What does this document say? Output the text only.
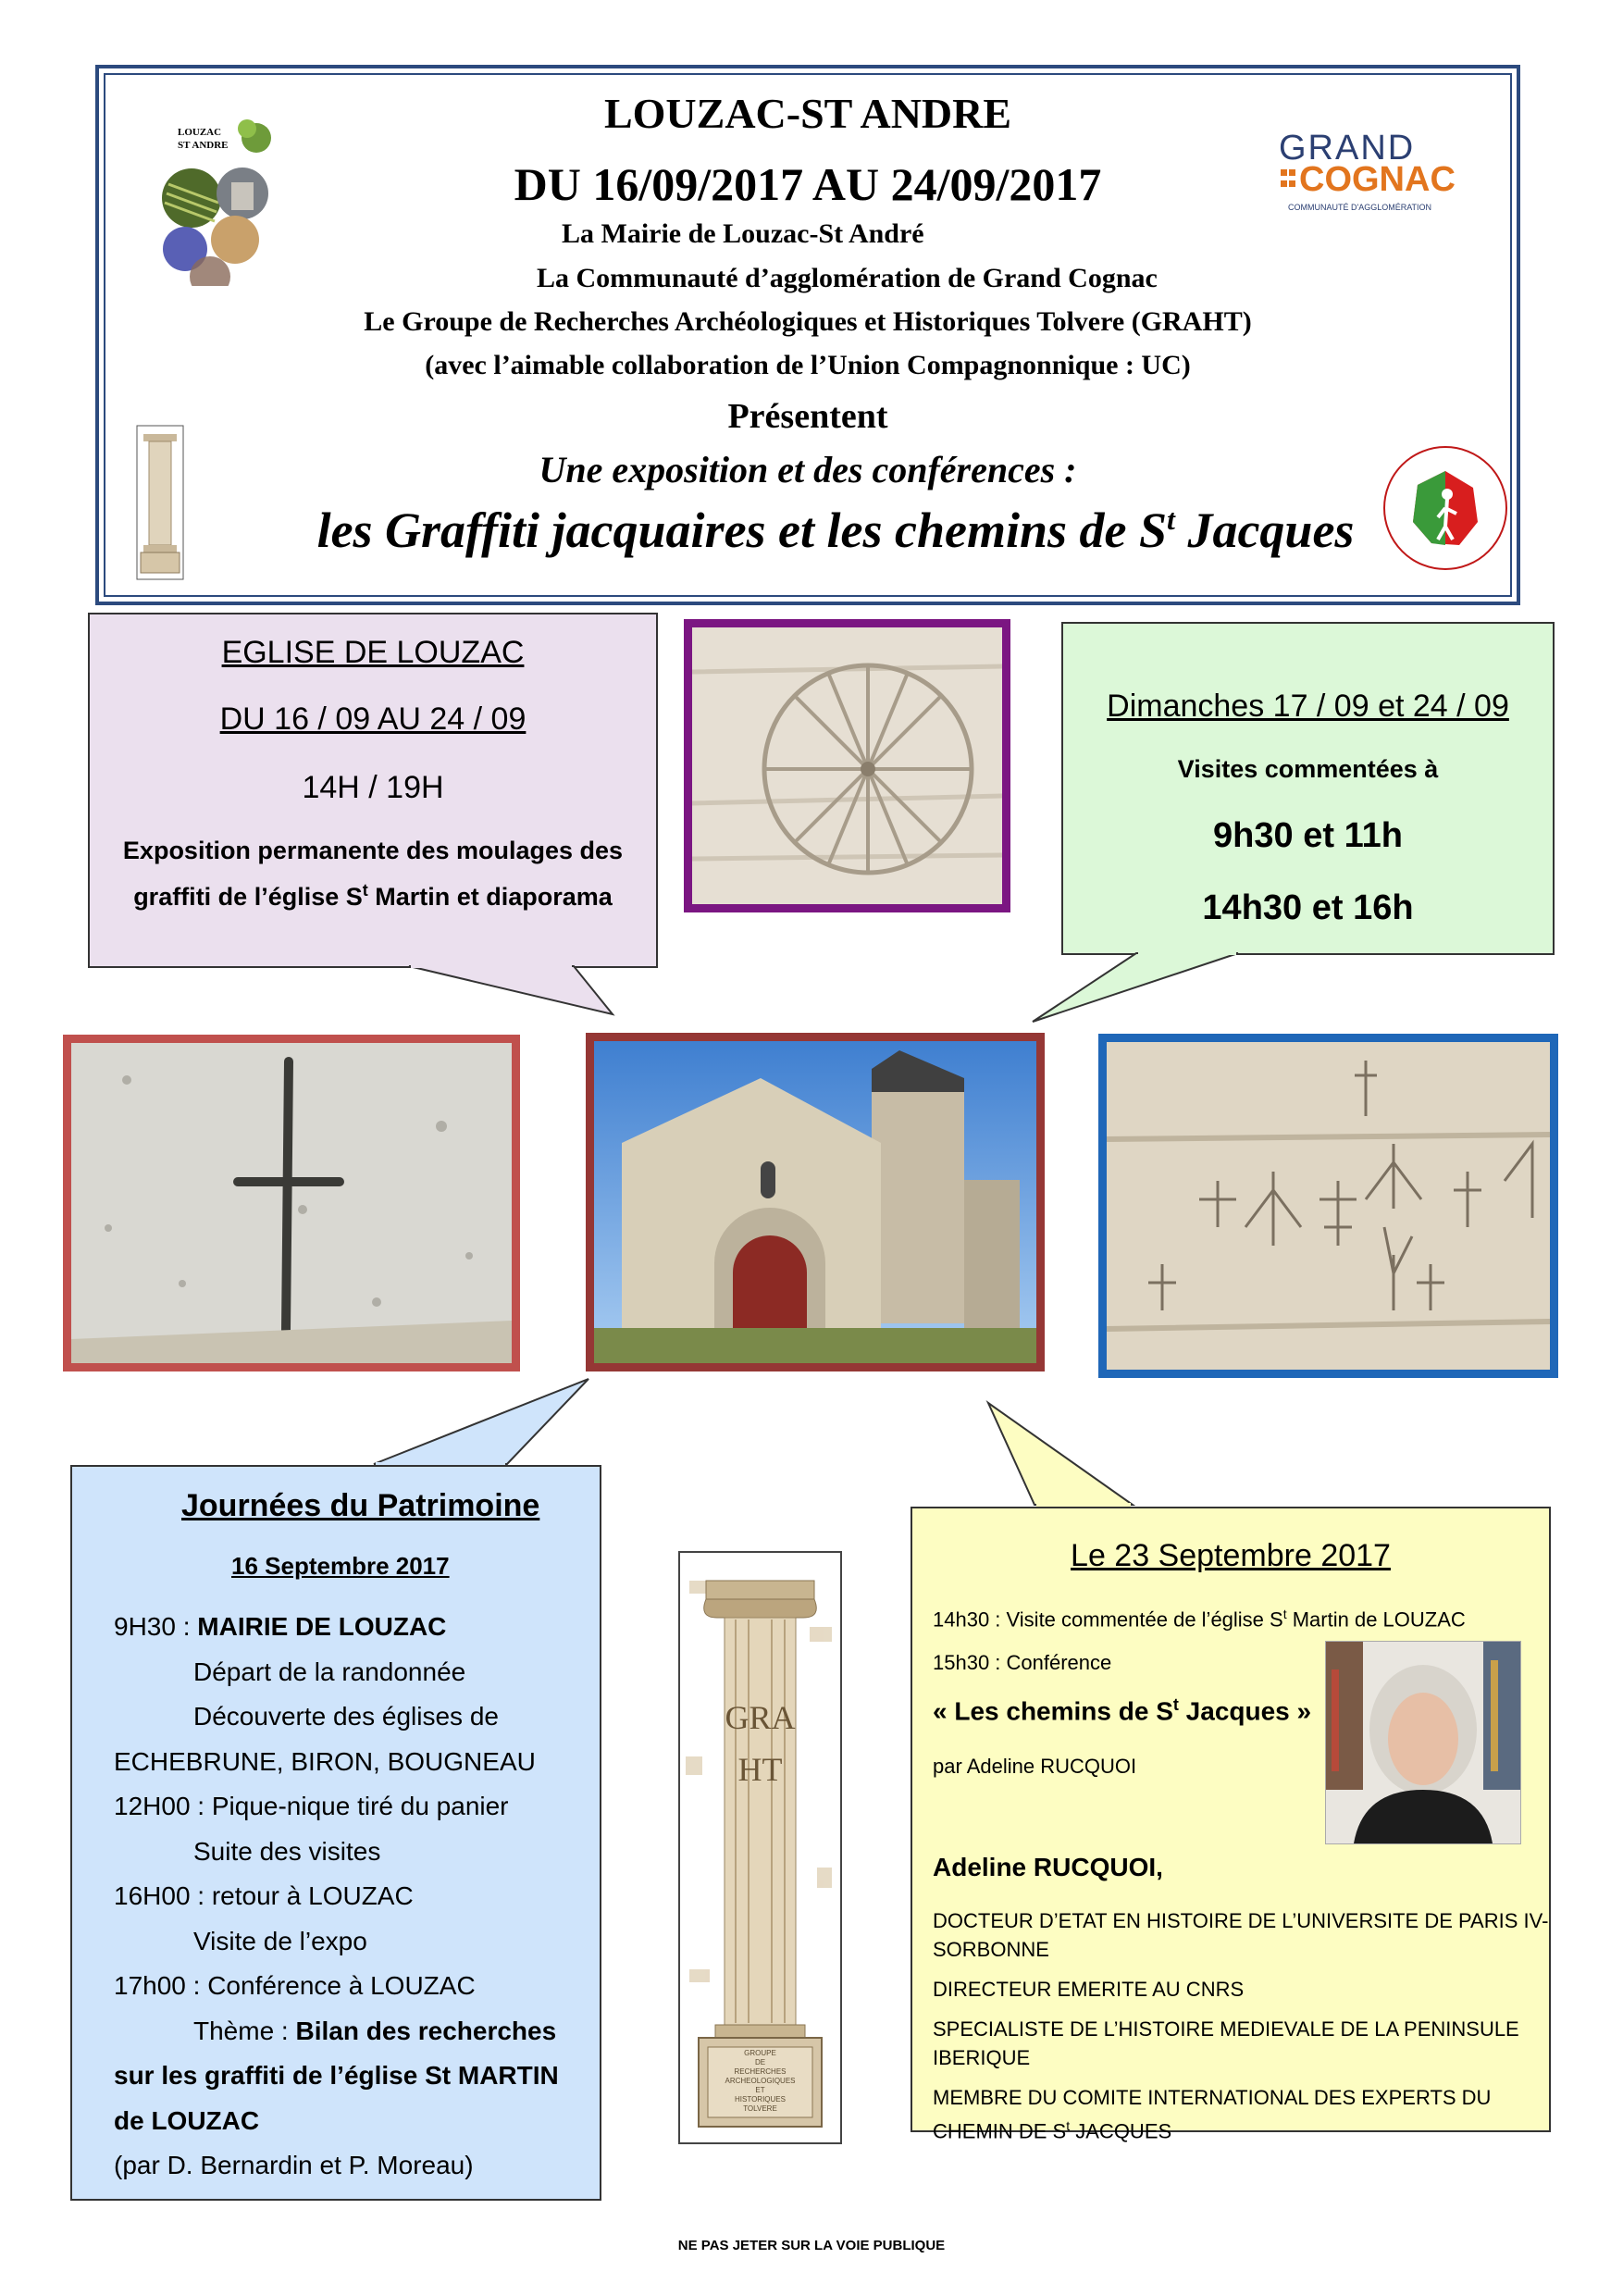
LOUZAC-ST ANDRE
DU 16/09/2017 AU 24/09/2017
La Mairie de Louzac-St André
La Communauté d’agglomération de Grand Cognac
Le Groupe de Recherches Archéologiques et Historiques Tolvere (GRAHT)
(avec l’aimable collaboration de l’Union Compagnonnique : UC)
Présentent
Une exposition et des conférences :
les Graffiti jacquaires et les chemins de $S^t$ Jacques
LOUZAC
ST ANDRE	GRAND
COGNAC
COMMUNAUTÉ D'AGGLOMÉRATION
EGLISE DE LOUZAC
DU 16 / 09 AU 24 / 09
14H / 19H
Exposition permanente des moulages des
graffiti de l’église $S^t$ Martin et diaporama
Dimanches 17 / 09 et 24 / 09
Visites commentées à
9h30 et 11h
14h30 et 16h
Journées du Patrimoine
16 Septembre 2017
9H30 : MAIRIE DE LOUZAC
Départ de la randonnée
Découverte des églises de
ECHEBRUNE, BIRON, BOUGNEAU
12H00 : Pique-nique tiré du panier
Suite des visites
16H00 : retour à LOUZAC
Visite de l’expo
17h00 : Conférence à LOUZAC
Thème : Bilan des recherches
sur les graffiti de l’église St MARTIN
de LOUZAC
(par D. Bernardin et P. Moreau)
GRAHT
GROUPE
DE
RECHERCHES
ARCHEOLOGIQUES
ET
HISTORIQUES
TOLVERE
Le 23 Septembre 2017
14h30 : Visite commentée de l’église $S^t$ Martin de LOUZAC
15h30 : Conférence
« Les chemins de $S^t$ Jacques »
par Adeline RUCQUOI
Adeline RUCQUOI,
DOCTEUR D’ETAT EN HISTOIRE DE L’UNIVERSITE DE PARIS IV-
SORBONNE
DIRECTEUR EMERITE AU CNRS
SPECIALISTE DE L’HISTOIRE MEDIEVALE DE LA PENINSULE
IBERIQUE
MEMBRE DU COMITE INTERNATIONAL DES EXPERTS DU
CHEMIN DE $S^t$ JACQUES
NE PAS JETER SUR LA VOIE PUBLIQUE
